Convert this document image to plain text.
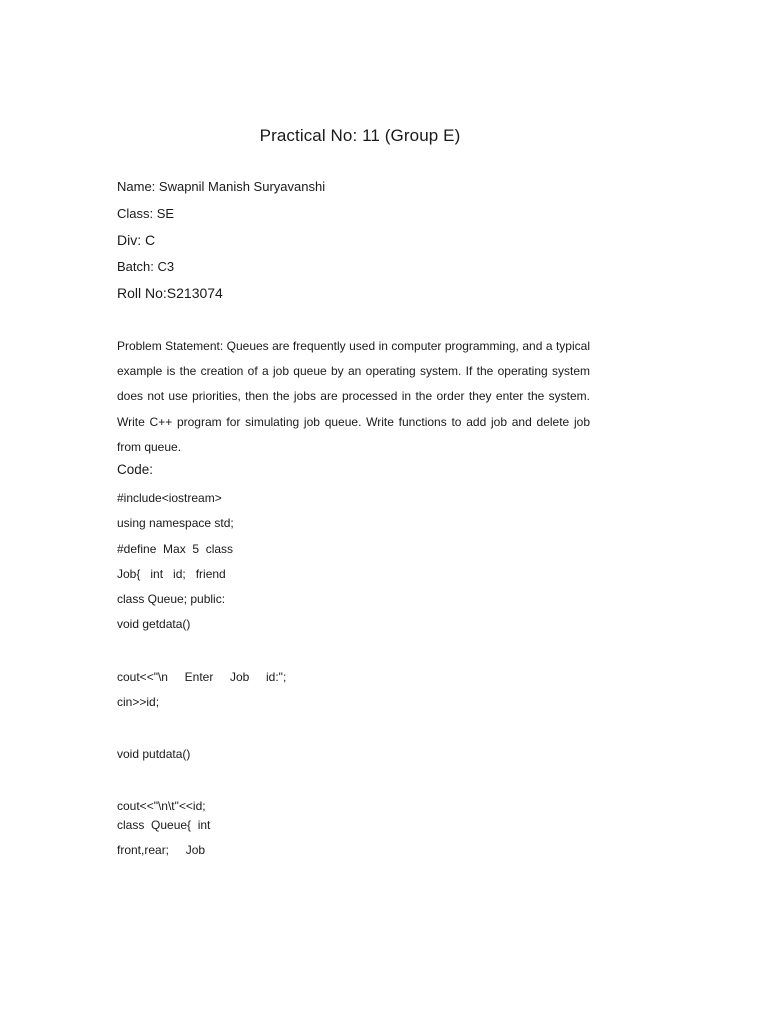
Practical No: 11 (Group E)
Name: Swapnil Manish Suryavanshi
Class: SE
Div: C
Batch: C3
Roll No:S213074

Problem Statement: Queues are frequently used in computer programming, and a typical example is the creation of a job queue by an operating system. If the operating system does not use priorities, then the jobs are processed in the order they enter the system. Write C++ program for simulating job queue. Write functions to add job and delete job from queue.

Code:
#include<iostream>
using namespace std;
#define  Max  5  class
Job{   int   id;   friend
class Queue; public:
void getdata()
cout<<"\n     Enter     Job     id:";
cin>>id;
void putdata()
cout<<"\n\t"<<id;
class  Queue{  int
front,rear;     Job
